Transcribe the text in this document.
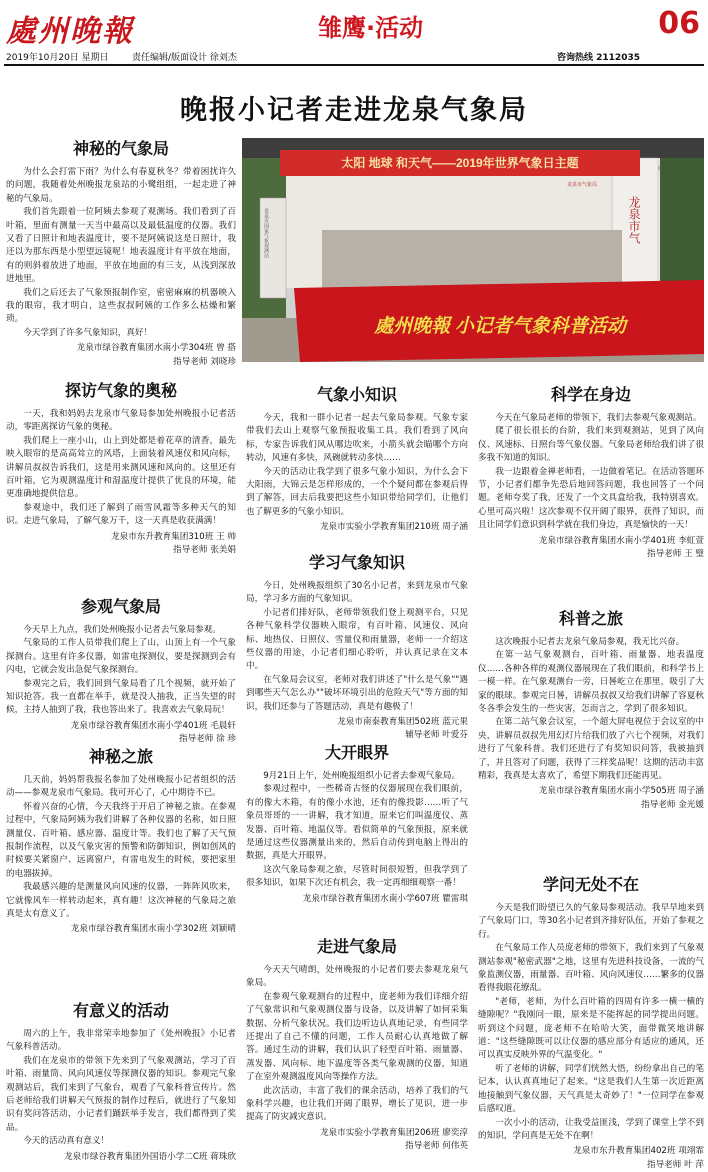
處州晚報	雏鹰·活动	06
2019年10月20日 星期日	责任编辑/版面设计 徐刘杰	咨询热线 2112035
晚报小记者走进龙泉气象局
太阳 地球 和天气——2019年世界气象日主题
龙泉市气象局
龙泉市国家气象观测站	龙泉市气
處州晚報 小记者气象科普活动
神秘的气象局

为什么会打雷下雨？为什么有春夏秋冬？带着困扰许久的问题，我随着处州晚报龙泉站的小鹭组组，一起走进了神秘的气象局。

我们首先跟着一位阿姨去参观了观测场。我们看到了百叶箱，里面有测量一天当中最高以及最低温度的仪器。我们又看了日照计和地表温度计，要不是阿姨说这是日照计，我还以为那东西是小型望远镜呢！地表温度计有平放在地面，有的则斜着放进了地面，平放在地面的有三支，从浅到深放进地里。

我们之后还去了气象预报制作室，密密麻麻的机器映入我的眼帘，我才明白，这些叔叔阿姨的工作多么枯燥和繁琐。

今天学到了许多气象知识，真好！

龙泉市绿谷教育集团水南小学304班 曾 搭

指导老师 刘晓珍

探访气象的奥秘

一天，我和妈妈去龙泉市气象局参加处州晚报小记者活动，零距离探访气象的奥秘。

我们爬上一座小山，山上到处都是着花草的清香，最先映入眼帘的是高高耸立的风塔，上面装着风速仪和风向标，讲解员叔叔告诉我们，这是用来测风速和风向的。这里还有百叶箱，它为观测温度计和湿温度计提供了优良的环境，能更准确地提供信息。

参观途中，我们还了解到了雨雪风霜等多种天气的知识。走进气象局，了解气象万千，这一天真是收获满满！

龙泉市东升教育集团310班 王 帅

指导老师 张美娟

参观气象局

今天早上九点，我们处州晚报小记者去气象局参观。

气象局的工作人员带我们爬上了山，山顶上有一个气象探测台。这里有许多仪器，如雷电探测仪，要是探测到会有闪电，它就会发出急促气象探测台。

参观完之后，我们回到气象局看了几个视频，就开始了知识抢答。我一直都在举手，就是没人抽我，正当失望的时候，主持人抽到了我，我也答出来了。我喜欢去气象局玩！

龙泉市绿谷教育集团水南小学401班 毛晨轩

指导老师 徐 珍

神秘之旅

几天前，妈妈帮我报名参加了处州晚报小记者组织的活动——参观龙泉市气象局。我可开心了，心中期待不已。

怀着兴奋的心情，今天我终于开启了神秘之旅。在参观过程中，气象局阿姨为我们讲解了各种仪器的名称，如日照测量仪、百叶箱、感应器、温度计等。我们也了解了天气预报制作流程，以及气象灾害的预警和防御知识，例如创风的时候要关紧窗户、远离窗户，有雷电发生的时候，要把家里的电器拔掉。

我最感兴趣的是测量风向风速的仪器，一阵阵风吹来，它就像风车一样转动起来，真有趣！这次神秘的气象局之旅真是太有意义了。

龙泉市绿谷教育集团水南小学302班 刘颖晴

有意义的活动

周六的上午，我非常荣幸地参加了《处州晚报》小记者气象科普活动。

我们在龙泉市的带领下先来到了气象观测站，学习了百叶箱、雨量筒、风向风速仪等探测仪器的知识。参观完气象观测站后，我们来到了气象台，观看了气象科普宣传片。然后老师给我们讲解天气预报的制作过程后，就进行了气象知识有奖问答活动，小记者们踊跃举手发言，我们都得到了奖品。

今天的活动真有意义！

龙泉市绿谷教育集团外国语小学二C班 蒋珠欣

气象小知识

今天，我和一群小记者一起去气象局参观。气象专家带我们去山上观察气象预报收集工具。我们看到了风向标，专家告诉我们风从哪边吹来，小箭头就会瞄哪个方向转动，风速有多快，风碗就转动多快……

今天的活动让我学到了很多气象小知识，为什么会下大阳雨，大锦云是怎样形成的，一个个疑问都在参观后得到了解答，回去后我要把这些小知识带给同学们，让他们也了解更多的气象小知识。

龙泉市实验小学教育集团210班 周子涵

学习气象知识

今日，处州晚报组织了30名小记者，来到龙泉市气象局，学习多方面的气象知识。

小记者们排好队，老师带领我们登上观测平台，只见各种气象科学仪器映入眼帘，有百叶箱、风速仪、风向标、地热仪、日照仪、雪量仪和雨量器，老师一一介绍这些仪器的用途，小记者们细心聆听，并认真记录在文本中。

在气象局会议室，老师对我们讲述了"什么是气象""遇到哪些天气怎么办""破坏环境引出的危险天气"等方面的知识，我们还参与了答题活动，真是有趣极了！

龙泉市南泰教育集团502班 蓝元果

辅导老师 叶爱芬

大开眼界

9月21日上午，处州晚报组织小记者去参观气象局。

参观过程中，一些稀奇古怪的仪器展现在我们眼前，有的像大木箱，有的像小水池，还有的像投影……听了气象员哥哥的一一讲解，我才知道，原来它们叫温度仪、蒸发器、百叶箱、地温仪等。看似简单的气象预报，原来就是通过这些仪器测量出来的，然后自动传到电脑上得出的数据，真是大开眼界。

这次气象局参观之旅，尽管时间很短暂，但我学到了很多知识，如果下次还有机会，我一定再细细观察一番！

龙泉市绿谷教育集团水南小学607班 瞿雷琪

走进气象局

今天天气晴朗，处州晚报的小记者们要去参观龙泉气象局。

在参观气象观测台的过程中，庞老师为我们详细介绍了气象常识和气象观测仪器与设备，以及讲解了如何采集数据、分析气象状况。我们边听边认真地记录，有些同学还提出了自己不懂的问题，工作人员耐心认真地做了解答。通过生动的讲解，我们认识了轻型百叶箱、雨量器、蒸发器、风向标、地下温度等各类气象观测的仪器，知道了在室外观测温度风向等操作方法。

此次活动，丰富了我们的课余活动，培养了我们的气象科学兴趣，也让我们开阔了眼界，增长了见识，进一步提高了防灾减灾意识。

龙泉市实验小学教育集团206班 廖奕淳

指导老师 何伟英

科学在身边

今天在气象局老师的带领下，我们去参观气象观测站。

爬了很长很长的台阶，我们来到观测站，见到了风向仪、风速标、日照台等气象仪器。气象局老师给我们讲了很多我不知道的知识。

我一边跟着金禅老师看，一边做着笔记。在活动答题环节，小记者们都争先恐后地回答问题，我也回答了一个问题。老师夸奖了我，还发了一个文具盒给我，我特别喜欢。心里可高兴啦！这次参观不仅开阔了眼界，获得了知识，而且让同学们意识到科学就在我们身边，真是愉快的一天！

龙泉市绿谷教育集团水南小学401班 李虹萱

指导老师 王 璧

科普之旅

这次晚报小记者去龙泉气象局参观，我无比兴奋。

在第一站气象观测台，百叶箱、雨量器、地表温度仪……各种各样的观测仪器展现在了我们眼前，和科学书上一模一样。在气象观测台一旁，日晷屹立在那里，吸引了大家的眼球。参观完日晷，讲解员叔叔又给我们讲解了容夏秋冬各季会发生的一些灾害，怎而言之，学到了很多知识。

在第二站气象会议室，一个超大屏电视位于会议室的中央，讲解员叔叔先用幻灯片给我们放了六七个视频，对我们进行了气象科普。我们还进行了有奖知识问答，我被抽到了，并且答对了问题，获得了三样奖品呢！这期的活动丰富精彩，我真是太喜欢了，希望下期我们还能再见。

龙泉市绿谷教育集团水南小学505班 周子涵

指导老师 金光媛

学问无处不在

今天是我们盼望已久的气象局参观活动。我早早地来到了气象局门口，等30名小记者到齐排好队伍，开始了参观之行。

在气象局工作人员庞老师的带领下，我们来到了气象观测站参观"秘密武器"之地，这里有先进科技设备，一流的气象监测仪器，雨量器、百叶箱、风向风速仪……繁多的仪器看得我眼花缭乱。

"老师，老师，为什么百叶箱的四周有许多一横一横的缝隙呢？"我刚问一眼，原来是不能挥起的同学提出问题。听到这个问题，庞老师不在哈哈大笑，面带微笑地讲解道："这些缝隙既可以让仪器的感应部分有适应的通风，还可以真实反映外界的气温变化。"

听了老师的讲解，同学们恍然大悟，纷纷拿出自己的笔记本，认认真真地记了起来。"这是我们人生第一次近距离地接触到气象仪器，天气真是太奇妙了！"一位同学在参观后感叹道。

一次小小的活动，让我受益匪浅，学到了课堂上学不到的知识，学问真是无处不在啊！

龙泉市东升教育集团402班 项翊霏

指导老师 叶 萍
